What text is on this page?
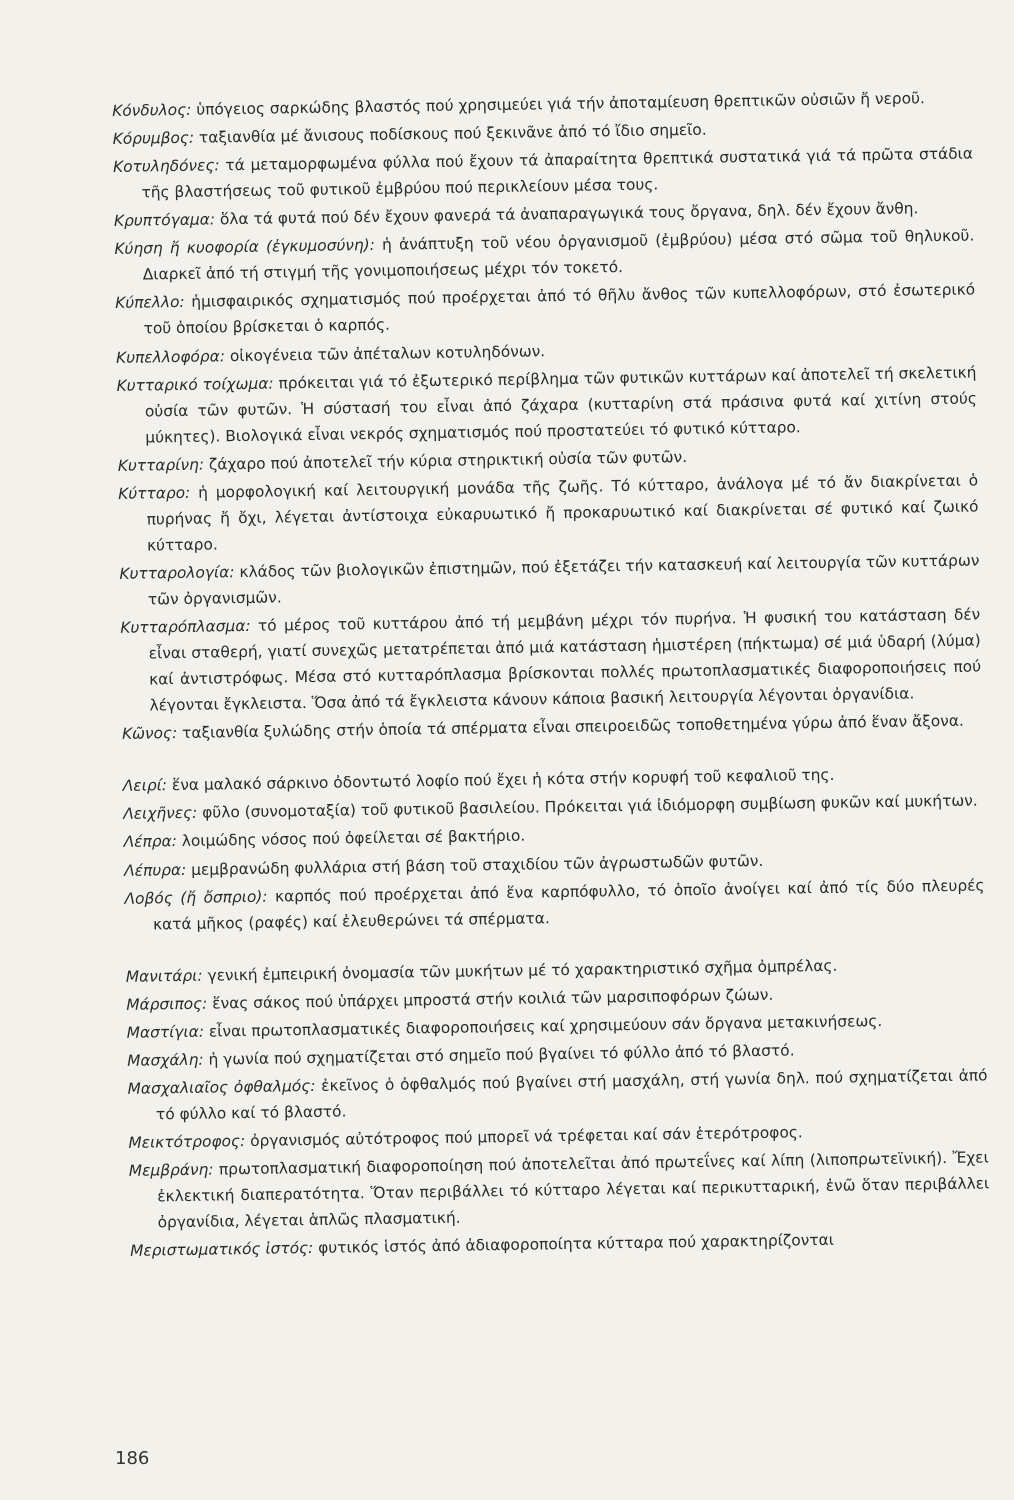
Κόνδυλος: ὑπόγειος σαρκώδης βλαστός πού χρησιμεύει γιά τήν ἀποταμίευση θρεπτικῶν οὐσιῶν ἤ νεροῦ.

Κόρυμβος: ταξιανθία μέ ἄνισους ποδίσκους πού ξεκινᾶνε ἀπό τό ἴδιο σημεῖο.

Κοτυληδόνες: τά μεταμορφωμένα φύλλα πού ἔχουν τά ἀπαραίτητα θρεπτικά συστατικά γιά τά πρῶτα στάδια τῆς βλαστήσεως τοῦ φυτικοῦ ἐμβρύου πού περικλείουν μέσα τους.

Κρυπτόγαμα: ὅλα τά φυτά πού δέν ἔχουν φανερά τά ἀναπαραγωγικά τους ὄργανα, δηλ. δέν ἔχουν ἄνθη.

Κύηση ἤ κυοφορία (ἐγκυμοσύνη): ἡ ἀνάπτυξη τοῦ νέου ὀργανισμοῦ (ἐμβρύου) μέσα στό σῶμα τοῦ θηλυκοῦ. Διαρκεῖ ἀπό τή στιγμή τῆς γονιμοποιήσεως μέχρι τόν τοκετό.

Κύπελλο: ἡμισφαιρικός σχηματισμός πού προέρχεται ἀπό τό θῆλυ ἄνθος τῶν κυπελλοφόρων, στό ἐσωτερικό τοῦ ὁποίου βρίσκεται ὁ καρπός.

Κυπελλοφόρα: οἰκογένεια τῶν ἀπέταλων κοτυληδόνων.

Κυτταρικό τοίχωμα: πρόκειται γιά τό ἐξωτερικό περίβλημα τῶν φυτικῶν κυττάρων καί ἀποτελεῖ τή σκελετική οὐσία τῶν φυτῶν. Ἡ σύστασή του εἶναι ἀπό ζάχαρα (κυτταρίνη στά πράσινα φυτά καί χιτίνη στούς μύκητες). Βιολογικά εἶναι νεκρός σχηματισμός πού προστατεύει τό φυτικό κύτταρο.

Κυτταρίνη: ζάχαρο πού ἀποτελεῖ τήν κύρια στηρικτική οὐσία τῶν φυτῶν.

Κύτταρο: ἡ μορφολογική καί λειτουργική μονάδα τῆς ζωῆς. Τό κύτταρο, ἀνάλογα μέ τό ἄν διακρίνεται ὁ πυρήνας ἤ ὄχι, λέγεται ἀντίστοιχα εὐκαρυωτικό ἤ προκαρυωτικό καί διακρίνεται σέ φυτικό καί ζωικό κύτταρο.

Κυτταρολογία: κλάδος τῶν βιολογικῶν ἐπιστημῶν, πού ἐξετάζει τήν κατασκευή καί λειτουργία τῶν κυττάρων τῶν ὀργανισμῶν.

Κυτταρόπλασμα: τό μέρος τοῦ κυττάρου ἀπό τή μεμβάνη μέχρι τόν πυρήνα. Ἡ φυσική του κατάσταση δέν εἶναι σταθερή, γιατί συνεχῶς μετατρέπεται ἀπό μιά κατάσταση ἡμιστέρεη (πήκτωμα) σέ μιά ὑδαρή (λύμα) καί ἀντιστρόφως. Μέσα στό κυτταρόπλασμα βρίσκονται πολλές πρωτοπλασματικές διαφοροποιήσεις πού λέγονται ἔγκλειστα. Ὅσα ἀπό τά ἔγκλειστα κάνουν κάποια βασική λειτουργία λέγονται ὀργανίδια.

Κῶνος: ταξιανθία ξυλώδης στήν ὁποία τά σπέρματα εἶναι σπειροειδῶς τοποθετημένα γύρω ἀπό ἕναν ἄξονα.

Λειρί: ἕνα μαλακό σάρκινο ὀδοντωτό λοφίο πού ἔχει ἡ κότα στήν κορυφή τοῦ κεφαλιοῦ της.

Λειχῆνες: φῦλο (συνομοταξία) τοῦ φυτικοῦ βασιλείου. Πρόκειται γιά ἰδιόμορφη συμβίωση φυκῶν καί μυκήτων.

Λέπρα: λοιμώδης νόσος πού ὀφείλεται σέ βακτήριο.

Λέπυρα: μεμβρανώδη φυλλάρια στή βάση τοῦ σταχιδίου τῶν ἀγρωστωδῶν φυτῶν.

Λοβός (ἤ ὄσπριο): καρπός πού προέρχεται ἀπό ἕνα καρπόφυλλο, τό ὁποῖο ἀνοίγει καί ἀπό τίς δύο πλευρές κατά μῆκος (ραφές) καί ἐλευθερώνει τά σπέρματα.

Μανιτάρι: γενική ἐμπειρική ὀνομασία τῶν μυκήτων μέ τό χαρακτηριστικό σχῆμα ὀμπρέλας.

Μάρσιπος: ἕνας σάκος πού ὑπάρχει μπροστά στήν κοιλιά τῶν μαρσιποφόρων ζώων.

Μαστίγια: εἶναι πρωτοπλασματικές διαφοροποιήσεις καί χρησιμεύουν σάν ὄργανα μετακινήσεως.

Μασχάλη: ἡ γωνία πού σχηματίζεται στό σημεῖο πού βγαίνει τό φύλλο ἀπό τό βλαστό.

Μασχαλιαῖος ὀφθαλμός: ἐκεῖνος ὁ ὀφθαλμός πού βγαίνει στή μασχάλη, στή γωνία δηλ. πού σχηματίζεται ἀπό τό φύλλο καί τό βλαστό.

Μεικτότροφος: ὀργανισμός αὐτότροφος πού μπορεῖ νά τρέφεται καί σάν ἑτερότροφος.

Μεμβράνη: πρωτοπλασματική διαφοροποίηση πού ἀποτελεῖται ἀπό πρωτεΐνες καί λίπη (λιποπρωτεϊνική). Ἔχει ἐκλεκτική διαπερατότητα. Ὅταν περιβάλλει τό κύτταρο λέγεται καί περικυτταρική, ἐνῶ ὅταν περιβάλλει ὀργανίδια, λέγεται ἁπλῶς πλασματική.

Μεριστωματικός ἱστός: φυτικός ἱστός ἀπό ἀδιαφοροποίητα κύτταρα πού χαρακτηρίζονται

186
